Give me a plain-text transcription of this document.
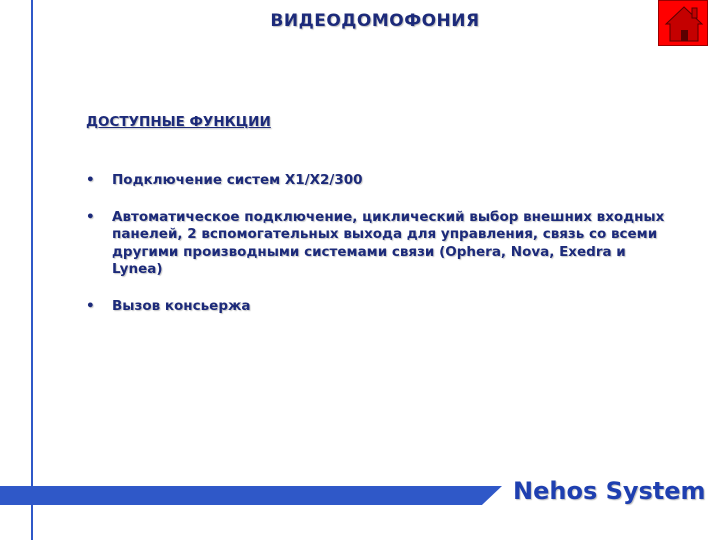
ВИДЕОДОМОФОНИЯ
ДОСТУПНЫЕ ФУНКЦИИ
• Подключение систем X1/X2/300
• Автоматическое подключение, циклический выбор внешних входных панелей, 2 вспомогательных выхода для управления, связь со всеми другими производными системами связи (Ophera, Nova, Exedra и Lynea)
• Вызов консьержа
Nehos System
